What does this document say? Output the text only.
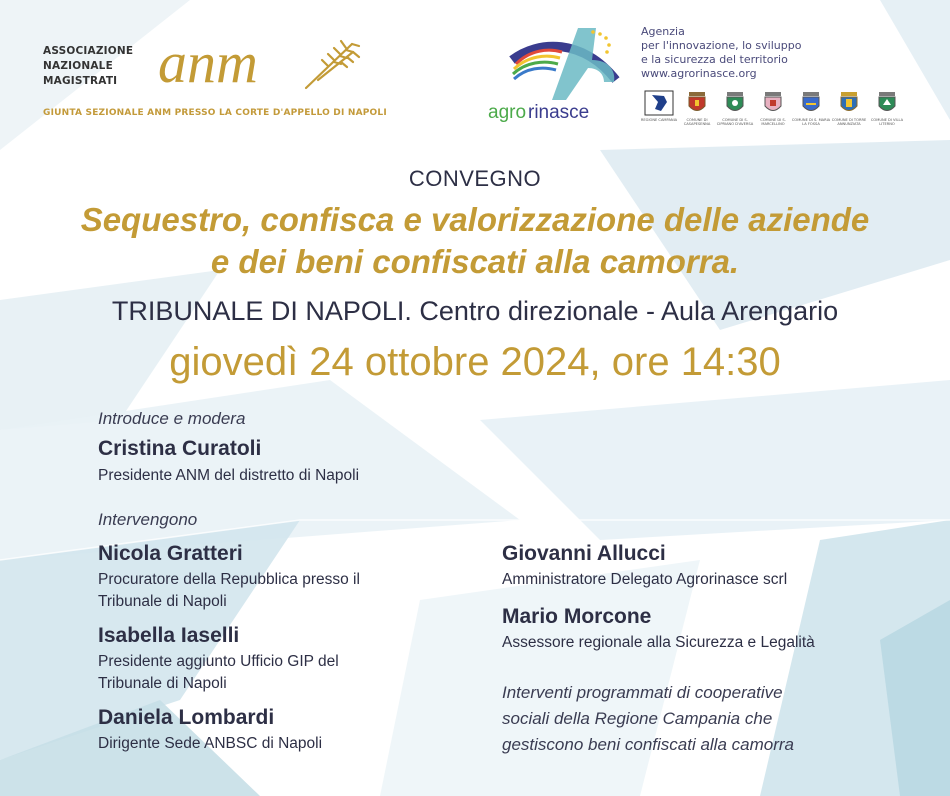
ASSOCIAZIONE
NAZIONALE
MAGISTRATI anm
GIUNTA SEZIONALE ANM PRESSO LA CORTE D'APPELLO DI NAPOLI	agro rinasce
Agenzia
per l'innovazione, lo sviluppo
e la sicurezza del territorio
www.agrorinasce.org
REGIONE CAMPANIA	COMUNE DI CASAPESENNA
COMUNE DI S. CIPRIANO D'AVERSA
COMUNE DI S. MARCELLINO
COMUNE DI S. MARIA LA FOSSA
COMUNE DI TORRE ANNUNZIATA
COMUNE DI VILLA LITERNO
CONVEGNO
Sequestro, confisca e valorizzazione delle aziende
e dei beni confiscati alla camorra.
TRIBUNALE DI NAPOLI. Centro direzionale - Aula Arengario
giovedì 24 ottobre 2024, ore 14:30
Introduce e modera
Cristina Curatoli
Presidente ANM del distretto di Napoli
Intervengono
Nicola Gratteri
Procuratore della Repubblica presso il
Tribunale di Napoli
Isabella Iaselli
Presidente aggiunto Ufficio GIP del
Tribunale di Napoli
Daniela Lombardi
Dirigente Sede ANBSC di Napoli
Giovanni Allucci
Amministratore Delegato Agrorinasce scrl
Mario Morcone
Assessore regionale alla Sicurezza e Legalità
Interventi programmati di cooperative
sociali della Regione Campania che
gestiscono beni confiscati alla camorra
